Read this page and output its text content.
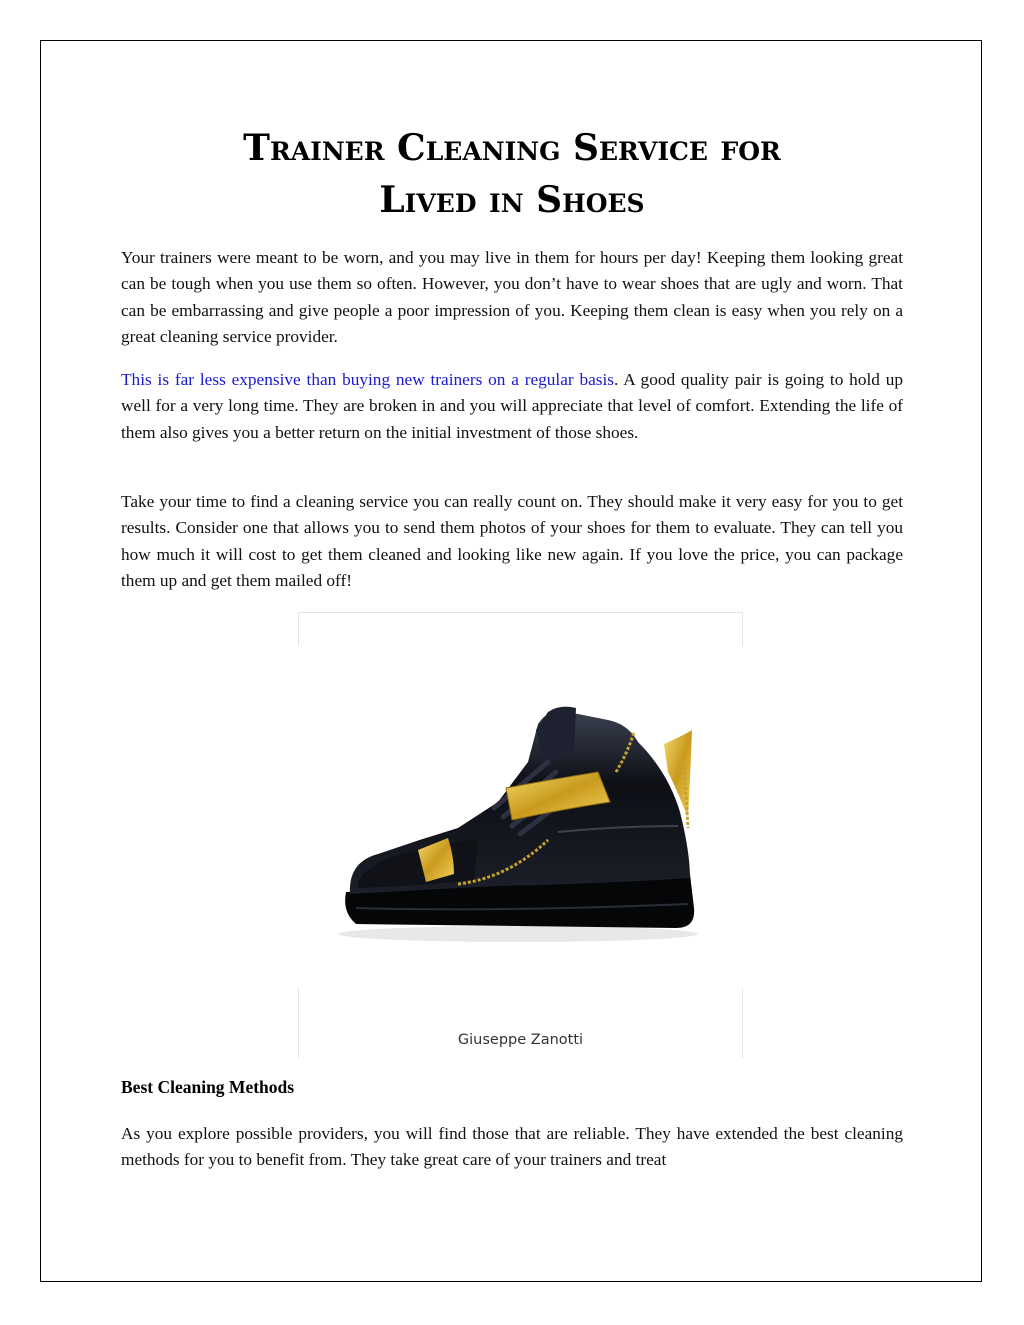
Trainer Cleaning Service for
Lived in Shoes

Your trainers were meant to be worn, and you may live in them for hours per day! Keeping them looking great can be tough when you use them so often. However, you don’t have to wear shoes that are ugly and worn. That can be embarrassing and give people a poor impression of you. Keeping them clean is easy when you rely on a great cleaning service provider.

This is far less expensive than buying new trainers on a regular basis. A good quality pair is going to hold up well for a very long time. They are broken in and you will appreciate that level of comfort. Extending the life of them also gives you a better return on the initial investment of those shoes.

Take your time to find a cleaning service you can really count on. They should make it very easy for you to get results. Consider one that allows you to send them photos of your shoes for them to evaluate. They can tell you how much it will cost to get them cleaned and looking like new again. If you love the price, you can package them up and get them mailed off!

Giuseppe Zanotti
Best Cleaning Methods

As you explore possible providers, you will find those that are reliable. They have extended the best cleaning methods for you to benefit from. They take great care of your trainers and treat
